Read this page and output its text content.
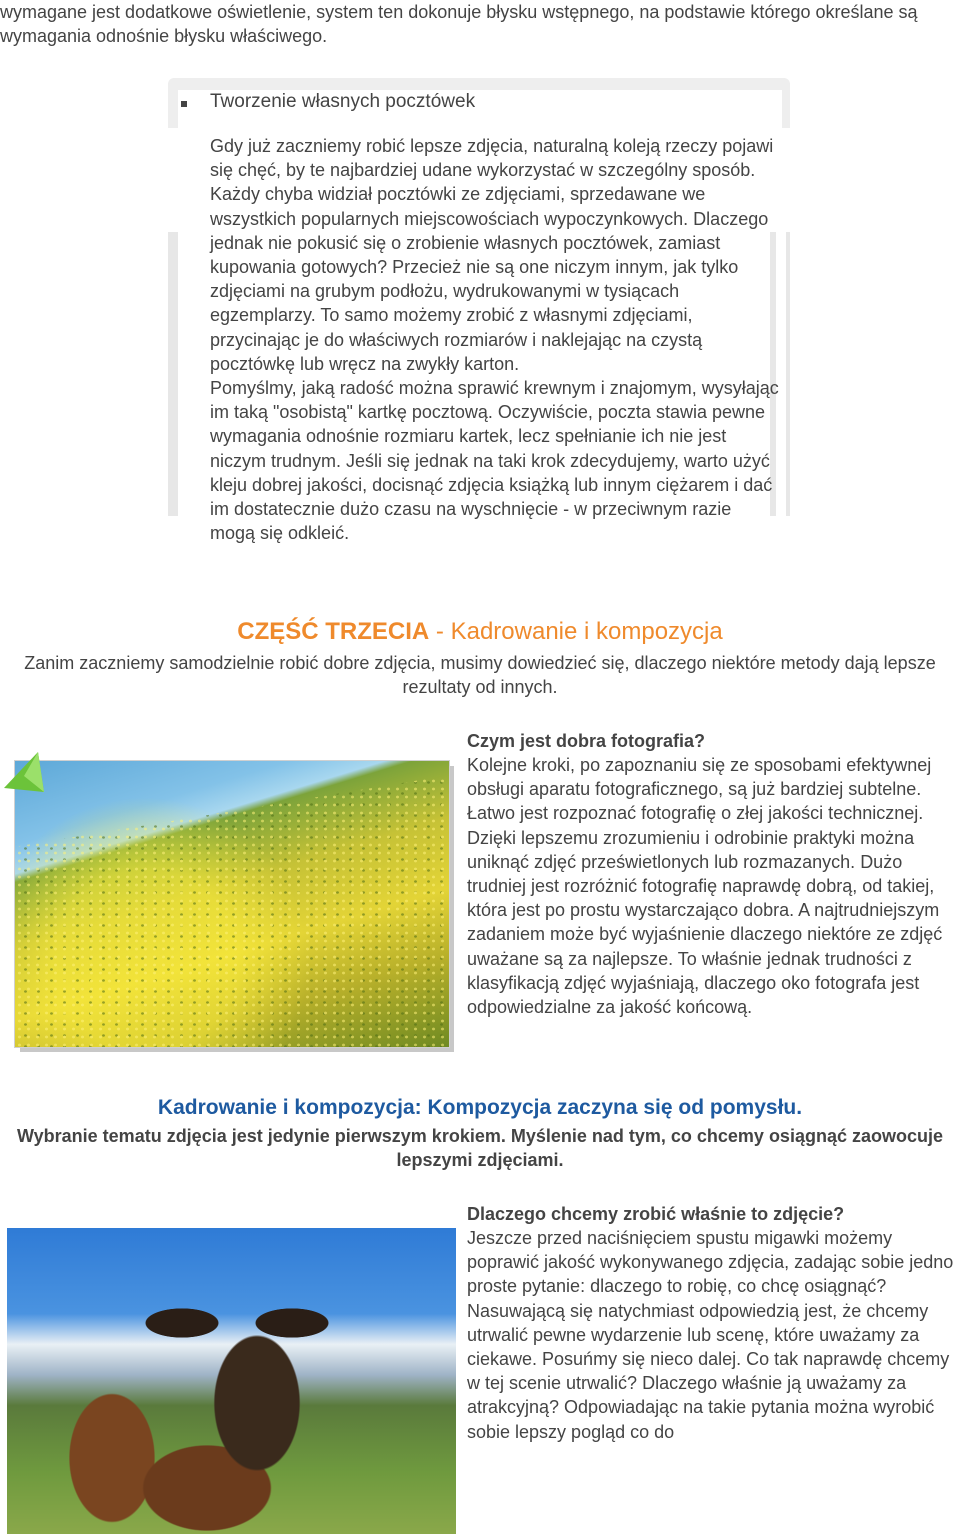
wymagane jest dodatkowe oświetlenie, system ten dokonuje błysku wstępnego, na podstawie którego określane są wymagania odnośnie błysku właściwego.

Tworzenie własnych pocztówek

Gdy już zaczniemy robić lepsze zdjęcia, naturalną koleją rzeczy pojawi się chęć, by te najbardziej udane wykorzystać w szczególny sposób. Każdy chyba widział pocztówki ze zdjęciami, sprzedawane we wszystkich popularnych miejscowościach wypoczynkowych. Dlaczego jednak nie pokusić się o zrobienie własnych pocztówek, zamiast kupowania gotowych? Przecież nie są one niczym innym, jak tylko zdjęciami na grubym podłożu, wydrukowanymi w tysiącach egzemplarzy. To samo możemy zrobić z własnymi zdjęciami, przycinając je do właściwych rozmiarów i naklejając na czystą pocztówkę lub wręcz na zwykły karton.
Pomyślmy, jaką radość można sprawić krewnym i znajomym, wysyłając im taką "osobistą" kartkę pocztową. Oczywiście, poczta stawia pewne wymagania odnośnie rozmiaru kartek, lecz spełnianie ich nie jest niczym trudnym. Jeśli się jednak na taki krok zdecydujemy, warto użyć kleju dobrej jakości, docisnąć zdjęcia książką lub innym ciężarem i dać im dostatecznie dużo czasu na wyschnięcie - w przeciwnym razie mogą się odkleić.

CZĘŚĆ TRZECIA - Kadrowanie i kompozycja

Zanim zaczniemy samodzielnie robić dobre zdjęcia, musimy dowiedzieć się, dlaczego niektóre metody dają lepsze rezultaty od innych.

Czym jest dobra fotografia?

Kolejne kroki, po zapoznaniu się ze sposobami efektywnej obsługi aparatu fotograficznego, są już bardziej subtelne. Łatwo jest rozpoznać fotografię o złej jakości technicznej. Dzięki lepszemu zrozumieniu i odrobinie praktyki można uniknąć zdjęć prześwietlonych lub rozmazanych. Dużo trudniej jest rozróżnić fotografię naprawdę dobrą, od takiej, która jest po prostu wystarczająco dobra. A najtrudniejszym zadaniem może być wyjaśnienie dlaczego niektóre ze zdjęć uważane są za najlepsze. To właśnie jednak trudności z klasyfikacją zdjęć wyjaśniają, dlaczego oko fotografa jest odpowiedzialne za jakość końcową.

Kadrowanie i kompozycja: Kompozycja zaczyna się od pomysłu.

Wybranie tematu zdjęcia jest jedynie pierwszym krokiem. Myślenie nad tym, co chcemy osiągnąć zaowocuje lepszymi zdjęciami.

Dlaczego chcemy zrobić właśnie to zdjęcie?

Jeszcze przed naciśnięciem spustu migawki możemy poprawić jakość wykonywanego zdjęcia, zadając sobie jedno proste pytanie: dlaczego to robię, co chcę osiągnąć? Nasuwającą się natychmiast odpowiedzią jest, że chcemy utrwalić pewne wydarzenie lub scenę, które uważamy za ciekawe. Posuńmy się nieco dalej. Co tak naprawdę chcemy w tej scenie utrwalić? Dlaczego właśnie ją uważamy za atrakcyjną? Odpowiadając na takie pytania można wyrobić sobie lepszy pogląd co do
